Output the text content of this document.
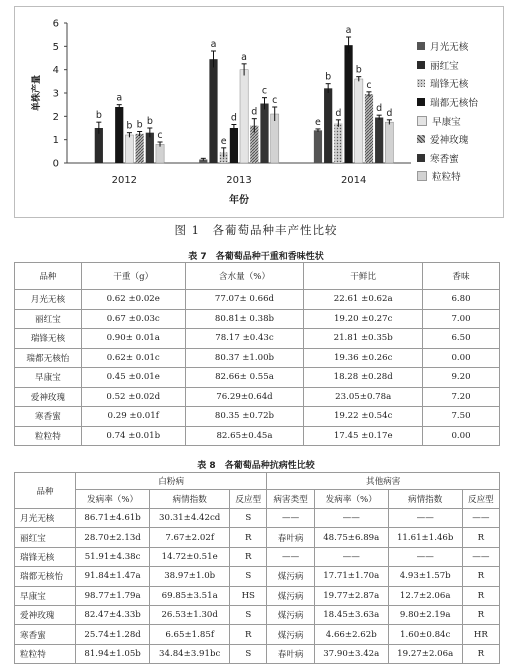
0
1
2
3
4
5
6
单株产量
年份
2012
b
a
b b b
c
2013
a
e
d
a
d
c
c
2014
e
b
d
a
b
c
d d
月光无核
丽红宝
瑞锋无核
瑞都无核怡
早康宝
爱神玫瑰
寒香蜜
粒粒特
图 1　各葡萄品种丰产性比较
表 7　各葡萄品种干重和香味性状
品种	干重（g）	含水量（%）	干鲜比	香味
月光无核	0.62 ±0.02e	77.07± 0.66d	22.61 ±0.62a	6.80
丽红宝	0.67 ±0.03c	80.81± 0.38b	19.20 ±0.27c	7.00
瑞锋无核	0.90± 0.01a	78.17 ±0.43c	21.81 ±0.35b	6.50
瑞都无核怡	0.62± 0.01c	80.37 ±1.00b	19.36 ±0.26c	0.00
早康宝	0.45 ±0.01e	82.66± 0.55a	18.28 ±0.28d	9.20
爱神玫瑰	0.52 ±0.02d	76.29±0.64d	23.05±0.78a	7.20
寒香蜜	0.29 ±0.01f	80.35 ±0.72b	19.22 ±0.54c	7.50
粒粒特	0.74 ±0.01b	82.65±0.45a	17.45 ±0.17e	0.00
表 8　各葡萄品种抗病性比较
品种	白粉病			其他病害			
	发病率（%）	病情指数	反应型	病害类型	发病率（%）	病情指数	反应型
月光无核	86.71±4.61b	30.31±4.42cd	S	——	——	——	——
丽红宝	28.70±2.13d	7.67±2.02f	R	春叶病	48.75±6.89a	11.61±1.46b	R
瑞锋无核	51.91±4.38c	14.72±0.51e	R	——	——	——	——
瑞都无核怡	91.84±1.47a	38.97±1.0b	S	煤污病	17.71±1.70a	4.93±1.57b	R
早康宝	98.77±1.79a	69.85±3.51a	HS	煤污病	19.77±2.87a	12.7±2.06a	R
爱神玫瑰	82.47±4.33b	26.53±1.30d	S	煤污病	18.45±3.63a	9.80±2.19a	R
寒香蜜	25.74±1.28d	6.65±1.85f	R	煤污病	4.66±2.62b	1.60±0.84c	HR
粒粒特	81.94±1.05b	34.84±3.91bc	S	春叶病	37.90±3.42a	19.27±2.06a	R
